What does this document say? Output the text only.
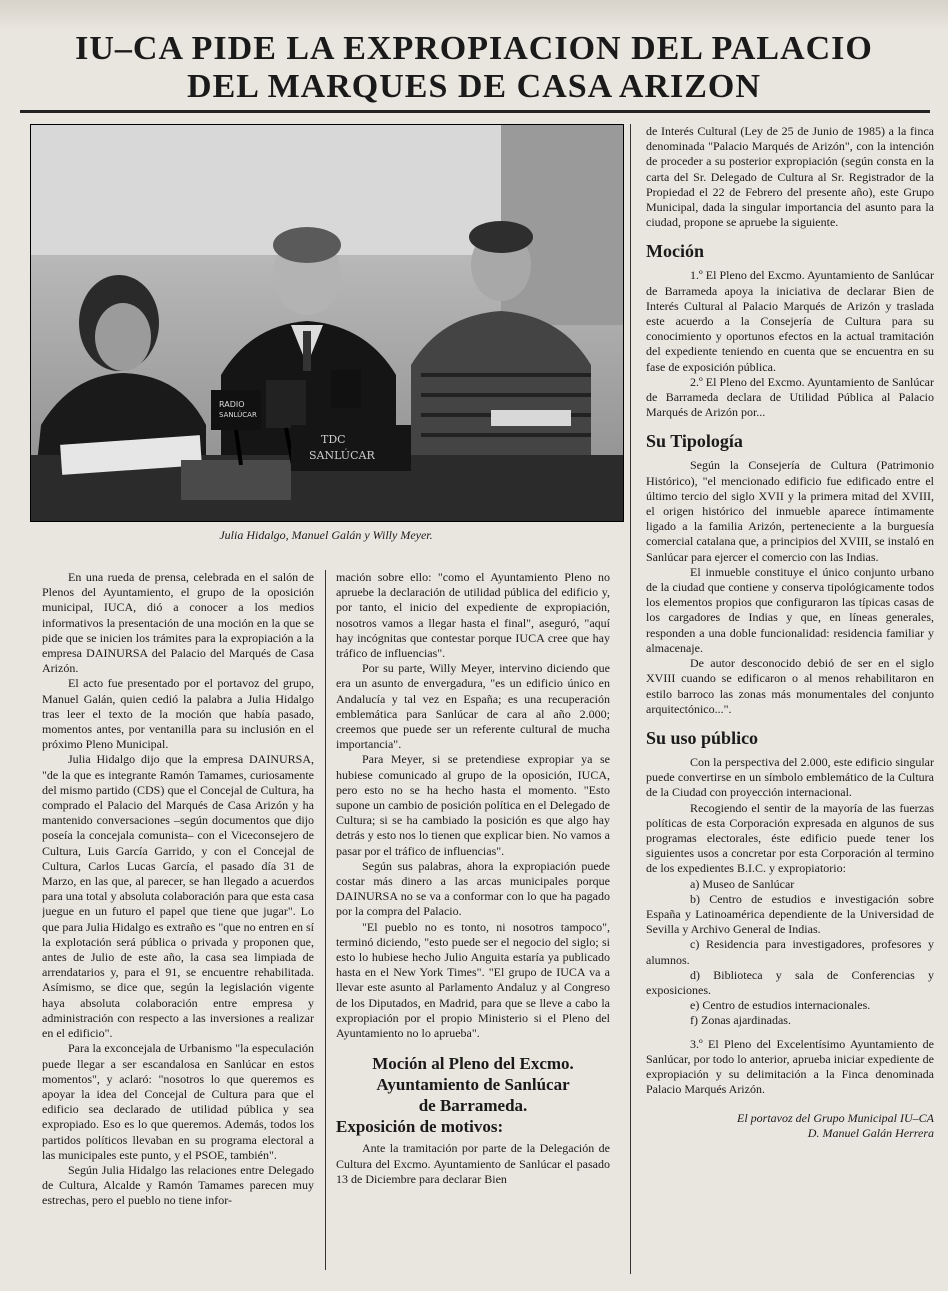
IU–CA PIDE LA EXPROPIACION DEL PALACIO
DEL MARQUES DE CASA ARIZON
RADIO
SANLÚCAR
TDC
SANLÚCAR
Julia Hidalgo, Manuel Galán y Willy Meyer.

En una rueda de prensa, celebrada en el salón de Plenos del Ayuntamiento, el grupo de la oposición municipal, IUCA, dió a conocer a los medios informativos la presentación de una moción en la que se pide que se inicien los trámites para la expropiación a la empresa DAINURSA del Palacio del Marqués de Casa Arizón.

El acto fue presentado por el portavoz del grupo, Manuel Galán, quien cedió la palabra a Julia Hidalgo tras leer el texto de la moción que había pasado, momentos antes, por ventanilla para su inclusión en el próximo Pleno Municipal.

Julia Hidalgo dijo que la empresa DAINURSA, "de la que es integrante Ramón Tamames, curiosamente del mismo partido (CDS) que el Concejal de Cultura, ha comprado el Palacio del Marqués de Casa Arizón y ha mantenido conversaciones –según documentos que dijo poseía la concejala comunista– con el Viceconsejero de Cultura, Luis García Garrido, y con el Concejal de Cultura, Carlos Lucas García, el pasado día 31 de Marzo, en las que, al parecer, se han llegado a acuerdos para una total y absoluta colaboración para que esta casa juegue en un futuro el papel que tiene que jugar". Lo que para Julia Hidalgo es extraño es "que no entren en sí la explotación será pública o privada y proponen que, antes de Julio de este año, la casa sea limpiada de arrendatarios y, para el 91, se encuentre rehabilitada. Asímismo, se dice que, según la legislación vigente haya absoluta colaboración entre empresa y administración con respecto a las inversiones a realizar en el edificio".

Para la exconcejala de Urbanismo "la especulación puede llegar a ser escandalosa en Sanlúcar en estos momentos", y aclaró: "nosotros lo que queremos es apoyar la idea del Concejal de Cultura para que el edificio sea declarado de utilidad pública y sea expropiado. Eso es lo que queremos. Además, todos los partidos políticos llevaban en su programa electoral a las municipales este punto, y el PSOE, también".

Según Julia Hidalgo las relaciones entre Delegado de Cultura, Alcalde y Ramón Tamames parecen muy estrechas, pero el pueblo no tiene infor-

mación sobre ello: "como el Ayuntamiento Pleno no apruebe la declaración de utilidad pública del edificio y, por tanto, el inicio del expediente de expropiación, nosotros vamos a llegar hasta el final", aseguró, "aquí hay incógnitas que contestar porque IUCA cree que hay tráfico de influencias".

Por su parte, Willy Meyer, intervino diciendo que era un asunto de envergadura, "es un edificio único en Andalucía y tal vez en España; es una recuperación emblemática para Sanlúcar de cara al año 2.000; creemos que puede ser un referente cultural de mucha importancia".

Para Meyer, si se pretendiese expropiar ya se hubiese comunicado al grupo de la oposición, IUCA, pero esto no se ha hecho hasta el momento. "Esto supone un cambio de posición política en el Delegado de Cultura; si se ha cambiado la posición es que algo hay detrás y esto nos lo tienen que explicar bien. No vamos a pasar por el tráfico de influencias".

Según sus palabras, ahora la expropiación puede costar más dinero a las arcas municipales porque DAINURSA no se va a conformar con lo que ha pagado por la compra del Palacio.

"El pueblo no es tonto, ni nosotros tampoco", terminó diciendo, "esto puede ser el negocio del siglo; si esto lo hubiese hecho Julio Anguita estaría ya publicado hasta en el New York Times". "El grupo de IUCA va a llevar este asunto al Parlamento Andaluz y al Congreso de los Diputados, en Madrid, para que se lleve a cabo la expropiación por el propio Ministerio si el Pleno del Ayuntamiento no lo aprueba".

Moción al Pleno del Excmo.
Ayuntamiento de Sanlúcar
de Barrameda.
Exposición de motivos:

Ante la tramitación por parte de la Delegación de Cultura del Excmo. Ayuntamiento de Sanlúcar el pasado 13 de Diciembre para declarar Bien

de Interés Cultural (Ley de 25 de Junio de 1985) a la finca denominada "Palacio Marqués de Arizón", con la intención de proceder a su posterior expropiación (según consta en la carta del Sr. Delegado de Cultura al Sr. Registrador de la Propiedad el 22 de Febrero del presente año), este Grupo Municipal, dada la singular importancia del asunto para la ciudad, propone se apruebe la siguiente.

Moción

1.º El Pleno del Excmo. Ayuntamiento de Sanlúcar de Barrameda apoya la iniciativa de declarar Bien de Interés Cultural al Palacio Marqués de Arizón y traslada este acuerdo a la Consejería de Cultura para su conocimiento y oportunos efectos en la actual tramitación del expediente teniendo en cuenta que se encuentra en su fase de exposición pública.

2.º El Pleno del Excmo. Ayuntamiento de Sanlúcar de Barrameda declara de Utilidad Pública al Palacio Marqués de Arizón por...

Su Tipología

Según la Consejería de Cultura (Patrimonio Histórico), "el mencionado edificio fue edificado entre el último tercio del siglo XVII y la primera mitad del XVIII, el origen histórico del inmueble aparece íntimamente ligado a la familia Arizón, perteneciente a la burguesía comercial catalana que, a principios del XVIII, se instaló en Sanlúcar para ejercer el comercio con las Indias.

El inmueble constituye el único conjunto urbano de la ciudad que contiene y conserva tipológicamente todos los elementos propios que configuraron las típicas casas de los cargadores de Indias y que, en líneas generales, responden a una doble funcionalidad: residencia familiar y almacenaje.

De autor desconocido debió de ser en el siglo XVIII cuando se edificaron o al menos rehabilitaron en estilo barroco las zonas más monumentales del conjunto arquitectónico...".

Su uso público

Con la perspectiva del 2.000, este edificio singular puede convertirse en un símbolo emblemático de la Cultura de la Ciudad con proyección internacional.

Recogiendo el sentir de la mayoría de las fuerzas políticas de esta Corporación expresada en algunos de sus programas electorales, éste edificio puede tener los siguientes usos a concretar por esta Corporación al termino de los expedientes B.I.C. y expropiatorio:

a) Museo de Sanlúcar

b) Centro de estudios e investigación sobre España y Latinoamérica dependiente de la Universidad de Sevilla y Archivo General de Indias.

c) Residencia para investigadores, profesores y alumnos.

d) Biblioteca y sala de Conferencias y exposiciones.

e) Centro de estudios internacionales.

f) Zonas ajardinadas.

3.º El Pleno del Excelentísimo Ayuntamiento de Sanlúcar, por todo lo anterior, aprueba iniciar expediente de expropiación y su delimitación a la Finca denominada Palacio Marqués Arizón.

El portavoz del Grupo Municipal IU–CA
D. Manuel Galán Herrera
